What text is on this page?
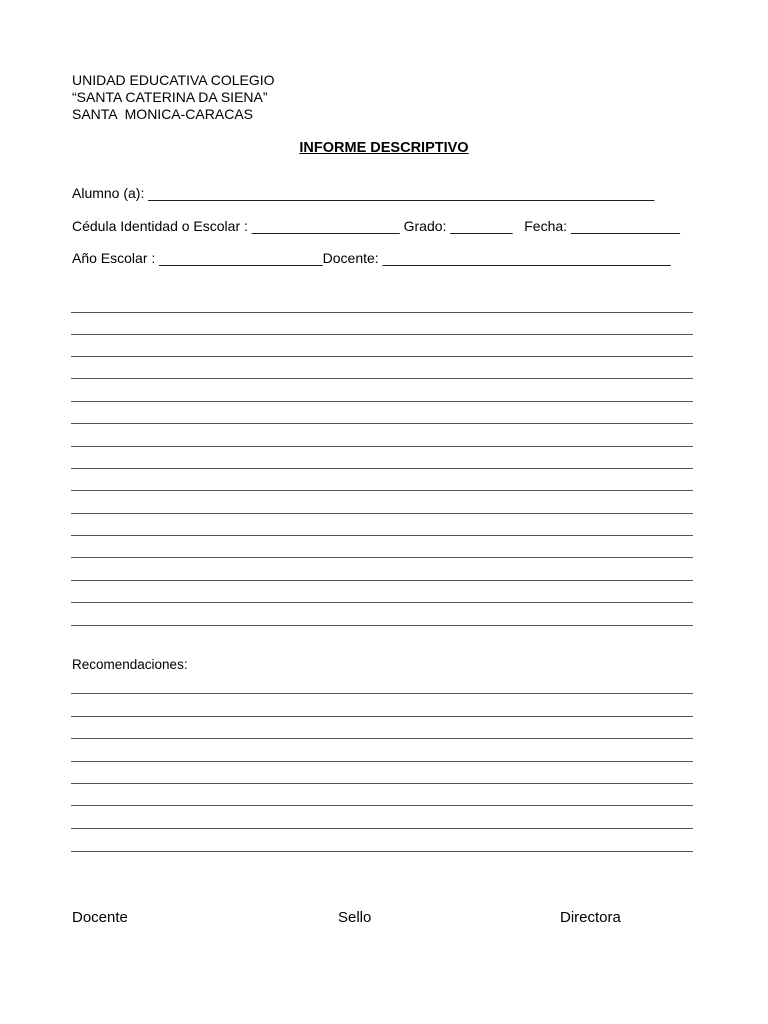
UNIDAD EDUCATIVA COLEGIO
“SANTA CATERINA DA SIENA”
SANTA  MONICA-CARACAS
INFORME DESCRIPTIVO
Alumno (a): _________________________________________________________________
Cédula Identidad o Escolar : ___________________ Grado: ________   Fecha: ______________
Año Escolar : _____________________Docente: _____________________________________
Recomendaciones:
Docente	Sello	Directora
